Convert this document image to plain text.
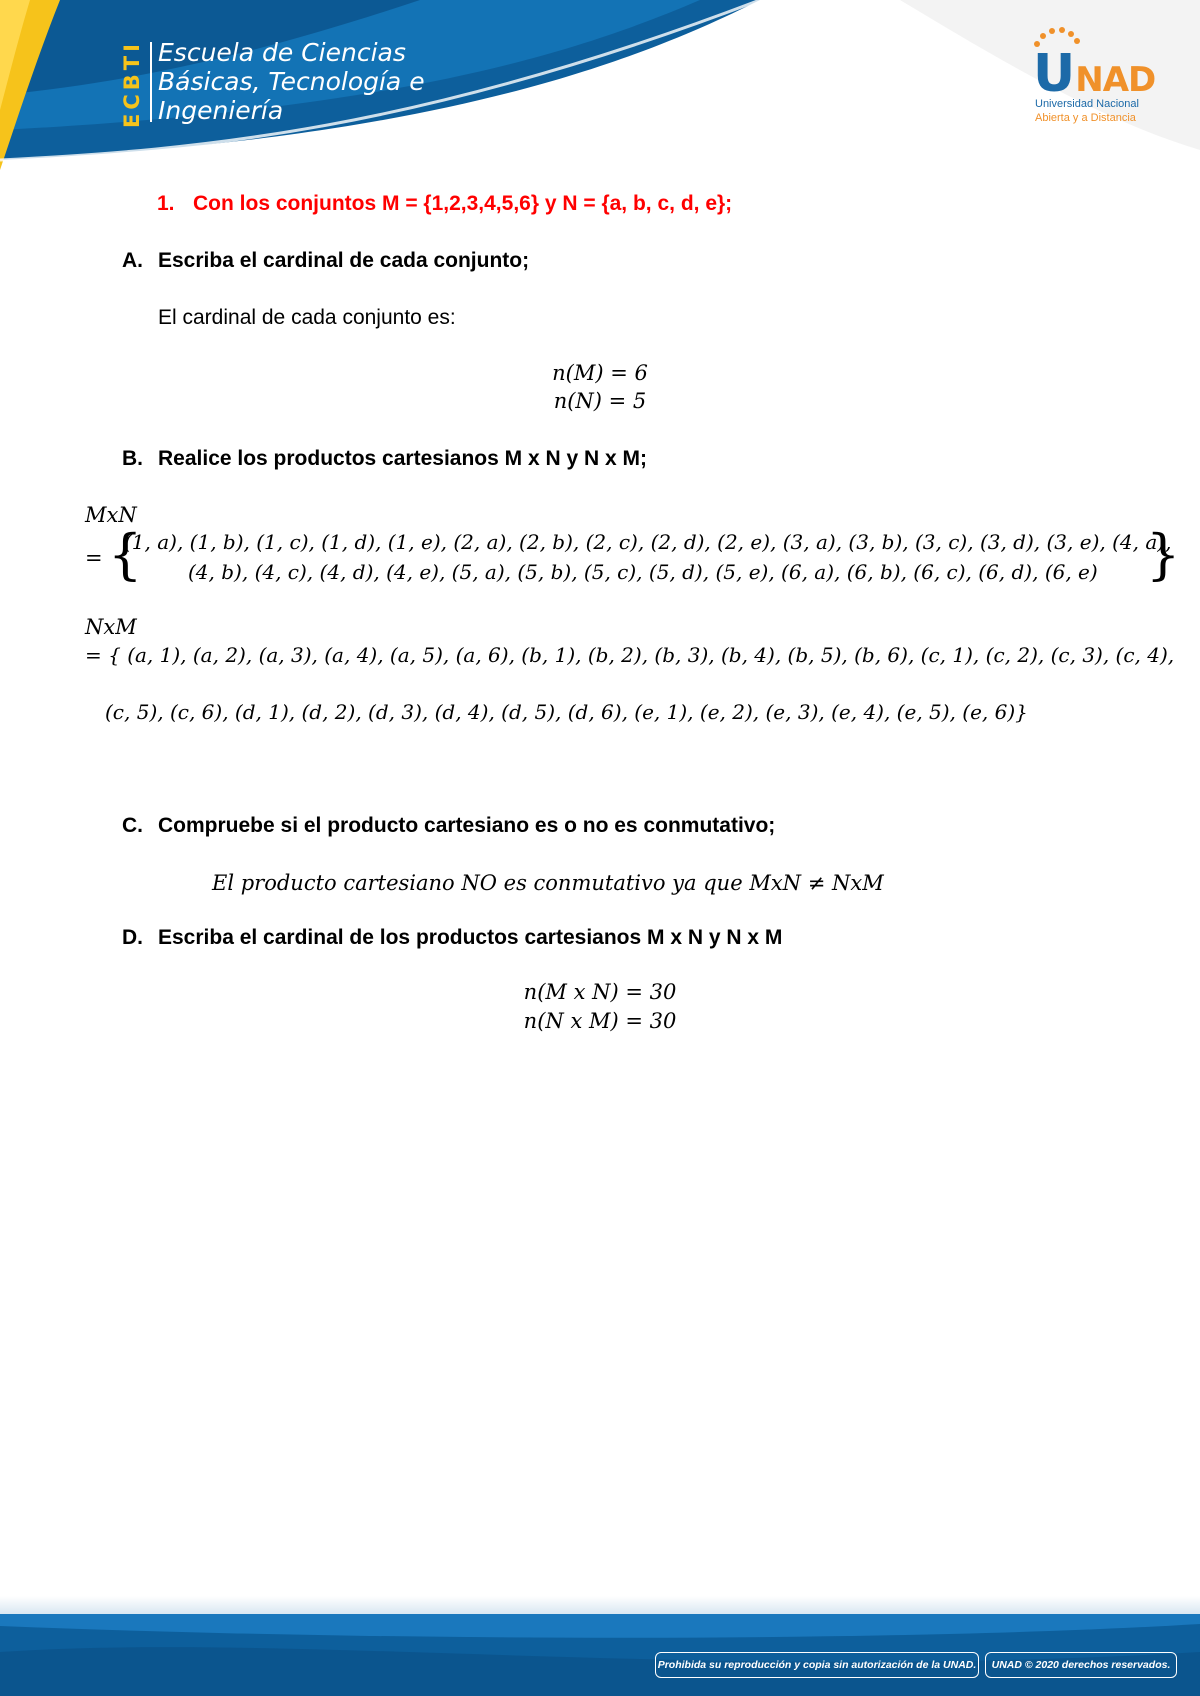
ECBTI Escuela de Ciencias
Básicas, Tecnología e
Ingeniería
UNAD
Universidad Nacional
Abierta y a Distancia
1. Con los conjuntos M = {1,2,3,4,5,6} y N = {a, b, c, d, e};
A. Escriba el cardinal de cada conjunto;
El cardinal de cada conjunto es:
n(M) = 6
n(N) = 5
B. Realice los productos cartesianos M x N y N x M;
MxN
= {
(1, a), (1, b), (1, c), (1, d), (1, e), (2, a), (2, b), (2, c), (2, d), (2, e), (3, a), (3, b), (3, c), (3, d), (3, e), (4, a),
(4, b), (4, c), (4, d), (4, e), (5, a), (5, b), (5, c), (5, d), (5, e), (6, a), (6, b), (6, c), (6, d), (6, e) }
NxM
= { (a, 1), (a, 2), (a, 3), (a, 4), (a, 5), (a, 6), (b, 1), (b, 2), (b, 3), (b, 4), (b, 5), (b, 6), (c, 1), (c, 2), (c, 3), (c, 4),
(c, 5), (c, 6), (d, 1), (d, 2), (d, 3), (d, 4), (d, 5), (d, 6), (e, 1), (e, 2), (e, 3), (e, 4), (e, 5), (e, 6)}
C. Compruebe si el producto cartesiano es o no es conmutativo;
El producto cartesiano NO es conmutativo ya que MxN ≠ NxM
D. Escriba el cardinal de los productos cartesianos M x N y N x M
n(M x N) = 30
n(N x M) = 30
Prohibida su reproducción y copia sin autorización de la UNAD.	UNAD © 2020 derechos reservados.
